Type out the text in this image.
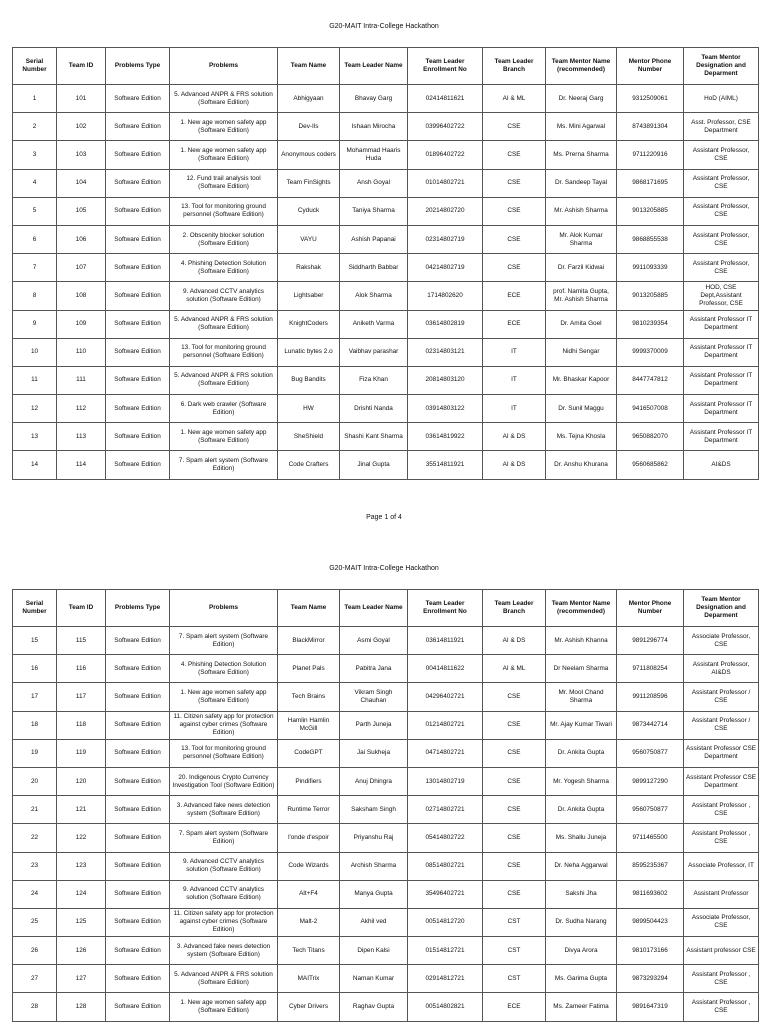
G20-MAIT Intra-College Hackathon
Serial Number	Team ID	Problems Type	Problems	Team Name	Team Leader Name	Team Leader Enrollment No	Team Leader Branch	Team Mentor Name (recommended)	Mentor Phone Number	Team Mentor Designation and Deparment
1	101	Software Edition	5. Advanced ANPR & FRS solution (Software Edition)	Abhigyaan	Bhavay Garg	02414811621	AI & ML	Dr. Neeraj Garg	9312509061	HoD (AIML)
2	102	Software Edition	1. New age women safety app (Software Edition)	Dev-Ils	Ishaan Mirocha	03996402722	CSE	Ms. Mini Agarwal	8743891304	Asst. Professor, CSE Department
3	103	Software Edition	1. New age women safety app (Software Edition)	Anonymous coders	Mohammad Haaris Huda	01896402722	CSE	Ms. Prerna Sharma	9711220916	Assistant Professor, CSE
4	104	Software Edition	12. Fund trail analysis tool (Software Edition)	Team FinSights	Ansh Goyal	01014802721	CSE	Dr. Sandeep Tayal	9868171695	Assistant Professor, CSE
5	105	Software Edition	13. Tool for monitoring ground personnel (Software Edition)	Cyduck	Taniya Sharma	20214802720	CSE	Mr. Ashish Sharma	9013205885	Assistant Professor, CSE
6	106	Software Edition	2. Obscenity blocker solution (Software Edition)	VAYU	Ashish Papanai	02314802719	CSE	Mr. Alok Kumar Sharma	9868855538	Assistant Professor, CSE
7	107	Software Edition	4. Phishing Detection Solution (Software Edition)	Rakshak	Siddharth Babbar	04214802719	CSE	Dr. Farzil Kidwai	9911093339	Assistant Professor, CSE
8	108	Software Edition	9. Advanced CCTV analytics solution (Software Edition)	Lightsaber	Alok Sharma	1714802620	ECE	prof. Namita Gupta, Mr. Ashish Sharma	9013205885	HOD, CSE Dept,Assistant Professor, CSE
9	109	Software Edition	5. Advanced ANPR & FRS solution (Software Edition)	KnightCoders	Aniketh Varma	03614802819	ECE	Dr. Amita Goel	9810239354	Assistant Professor IT Department
10	110	Software Edition	13. Tool for monitoring ground personnel (Software Edition)	Lunatic bytes 2.o	Vaibhav parashar	02314803121	IT	Nidhi Sengar	9999370009	Assistant Professor IT Department
11	111	Software Edition	5. Advanced ANPR & FRS solution (Software Edition)	Bug Bandits	Fiza Khan	20814803120	IT	Mr. Bhaskar Kapoor	8447747812	Assistant Professor IT Department
12	112	Software Edition	6. Dark web crawler (Software Edition)	HW	Drishti Nanda	03914803122	IT	Dr. Sunil Maggu	9416507008	Assistant Professor IT Department
13	113	Software Edition	1. New age women safety app (Software Edition)	SheShield	Shashi Kant Sharma	03614819922	AI & DS	Ms. Tejna Khosla	9650882070	Assistant Professor IT Department
14	114	Software Edition	7. Spam alert system (Software Edition)	Code Crafters	Jinal Gupta	35514811921	AI & DS	Dr. Anshu Khurana	9560685862	AI&DS
Page 1 of 4
G20-MAIT Intra-College Hackathon
Serial Number	Team ID	Problems Type	Problems	Team Name	Team Leader Name	Team Leader Enrollment No	Team Leader Branch	Team Mentor Name (recommended)	Mentor Phone Number	Team Mentor Designation and Deparment
15	115	Software Edition	7. Spam alert system (Software Edition)	BlackMirror	Asmi Goyal	03614811921	AI & DS	Mr. Ashish Khanna	9891296774	Associate Professor, CSE
16	116	Software Edition	4. Phishing Detection Solution (Software Edition)	Planet Pals	Pabitra Jana	00414811622	AI & ML	Dr Neelam Sharma	9711808254	Assistant Professor, AI&DS
17	117	Software Edition	1. New age women safety app (Software Edition)	Tech Brains	Vikram Singh Chauhan	04296402721	CSE	Mr. Mool Chand Sharma	9911208596	Assistant Professor / CSE
18	118	Software Edition	11. Citizen safety app for protection against cyber crimes (Software Edition)	Hamlin Hamlin McGill	Parth Juneja	01214802721	CSE	Mr. Ajay Kumar Tiwari	9873442714	Assistant Professor / CSE
19	119	Software Edition	13. Tool for monitoring ground personnel (Software Edition)	CodeGPT	Jai Sukheja	04714802721	CSE	Dr. Ankita Gupta	9560750877	Assistant Professor CSE Department
20	120	Software Edition	20. Indigenous Crypto Currency Investigation Tool (Software Edition)	Pindifiers	Anuj Dhingra	13014802719	CSE	Mr. Yogesh Sharma	9899127290	Assistant Professor CSE Department
21	121	Software Edition	3. Advanced fake news detection system (Software Edition)	Runtime Terror	Saksham Singh	02714802721	CSE	Dr. Ankita Gupta	9560750877	Assistant Professor , CSE
22	122	Software Edition	7. Spam alert system (Software Edition)	l'onde d'espoir	Priyanshu Raj	05414802722	CSE	Ms. Shallu Juneja	9711465500	Assistant Professor , CSE
23	123	Software Edition	9. Advanced CCTV analytics solution (Software Edition)	Code Wizards	Archish Sharma	08514802721	CSE	Dr. Neha Aggarwal	8595235367	Associate Professor, IT
24	124	Software Edition	9. Advanced CCTV analytics solution (Software Edition)	Alt+F4	Manya Gupta	35496402721	CSE	Sakshi Jha	9811693602	Assistant Professor
25	125	Software Edition	11. Citizen safety app for protection against cyber crimes (Software Edition)	Malt-2	Akhil ved	00514812720	CST	Dr. Sudha Narang	9899504423	Associate Professor, CSE
26	126	Software Edition	3. Advanced fake news detection system (Software Edition)	Tech Titans	Dipen Kalsi	01514812721	CST	Divya Arora	9810173166	Assistant professor CSE
27	127	Software Edition	5. Advanced ANPR & FRS solution (Software Edition)	MAITrix	Naman Kumar	02914812721	CST	Ms. Garima Gupta	9873293294	Assistant Professor , CSE
28	128	Software Edition	1. New age women safety app (Software Edition)	Cyber Drivers	Raghav Gupta	00514802821	ECE	Ms. Zameer Fatima	9891647319	Assistant Professor , CSE
